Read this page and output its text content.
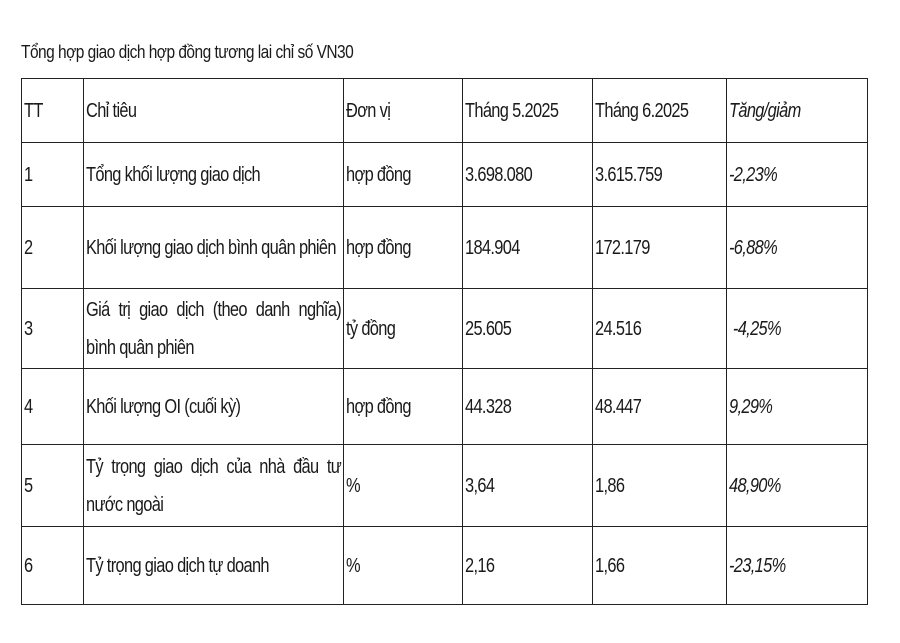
Tổng hợp giao dịch hợp đồng tương lai chỉ số VN30
TT	Chỉ tiêu	Đơn vị	Tháng 5.2025	Tháng 6.2025	Tăng/giảm

1	Tổng khối lượng giao dịch	hợp đồng	3.698.080	3.615.759	-2,23%

2	Khối lượng giao dịch bình quân phiên	hợp đồng	184.904	172.179	-6,88%

3	Giá trị giao dịch (theo danh nghĩa) bình quân phiên	tỷ đồng	25.605	24.516	-4,25%

4	Khối lượng OI (cuối kỳ)	hợp đồng	44.328	48.447	9,29%

5	Tỷ trọng giao dịch của nhà đầu tư nước ngoài	%	3,64	1,86	48,90%

6	Tỷ trọng giao dịch tự doanh	%	2,16	1,66	-23,15%
